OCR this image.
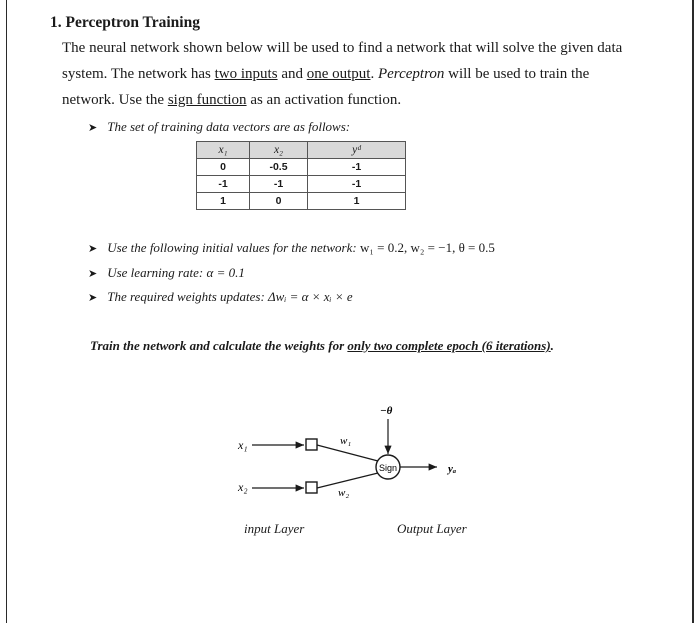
1. Perceptron Training
The neural network shown below will be used to find a network that will solve the given data
system. The network has two inputs and one output. Perceptron will be used to train the
network. Use the sign function as an activation function.
➤ The set of training data vectors are as follows:
x₁	x₂	yᵈ
0	-0.5	-1
-1	-1	-1
1	0	1
➤ Use the following initial values for the network: w₁ = 0.2, w₂ = −1, θ = 0.5
➤ Use learning rate: α = 0.1
➤ The required weights updates: Δwᵢ = α × xᵢ × e
Train the network and calculate the weights for only two complete epoch (6 iterations).
x₁
x₂
w₁
w₂
−θ
Sign	yₐ
input Layer	Output Layer
